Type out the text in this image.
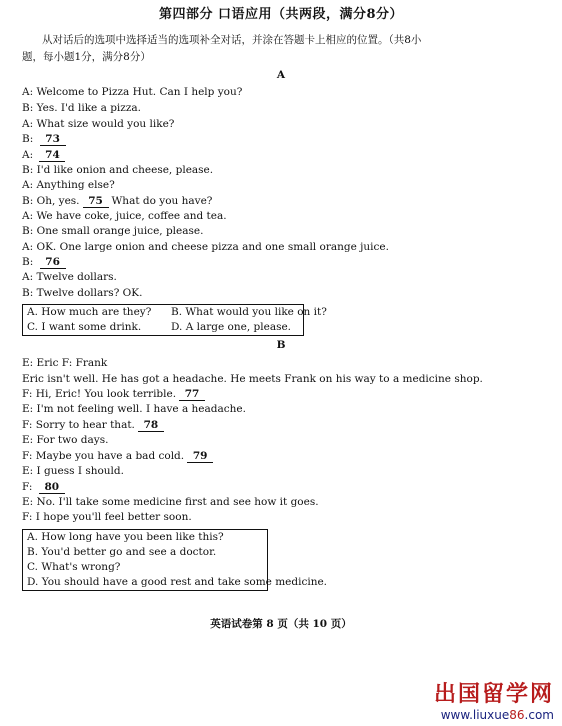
第四部分 口语应用（共两段，满分8分）
从对话后的选项中选择适当的选项补全对话，并涂在答题卡上相应的位置。（共8小
题，每小题1分，满分8分）
A
A: Welcome to Pizza Hut. Can I help you?
B: Yes. I'd like a pizza.
A: What size would you like?
B: 73
A: 74
B: I'd like onion and cheese, please.
A: Anything else?
B: Oh, yes. 75 What do you have?
A: We have coke, juice, coffee and tea.
B: One small orange juice, please.
A: OK. One large onion and cheese pizza and one small orange juice.
B: 76
A: Twelve dollars.
B: Twelve dollars? OK.
A. How much are they? B. What would you like on it?
C. I want some drink.	D. A large one, please.
B
E: Eric F: Frank
Eric isn't well. He has got a headache. He meets Frank on his way to a medicine shop.
F: Hi, Eric! You look terrible. 77
E: I'm not feeling well. I have a headache.
F: Sorry to hear that. 78
E: For two days.
F: Maybe you have a bad cold. 79
E: I guess I should.
F: 80
E: No. I'll take some medicine first and see how it goes.
F: I hope you'll feel better soon.
A. How long have you been like this?
B. You'd better go and see a doctor.
C. What's wrong?
D. You should have a good rest and take some medicine.
英语试卷第 8 页（共 10 页）
出国留学网
www.liuxue86.com
